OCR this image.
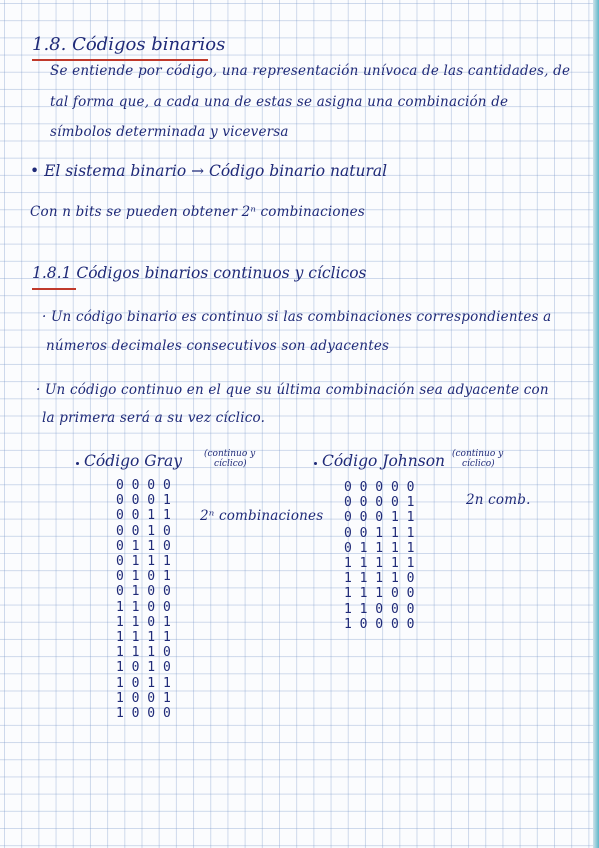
1.8. Códigos binarios
Se entiende por código, una representación unívoca de las cantidades, de
tal forma que, a cada una de estas se asigna una combinación de
símbolos determinada y viceversa
• El sistema binario → Código binario natural
Con n bits se pueden obtener 2ⁿ combinaciones
1.8.1 Códigos binarios continuos y cíclicos
· Un código binario es continuo si las combinaciones correspondientes a
números decimales consecutivos son adyacentes
· Un código continuo en el que su última combinación sea adyacente con
la primera será a su vez cíclico.
Código Gray (continuo y
cíclico)	Código Johnson (continuo y
cíclico)
0 0 0 0
0 0 0 1
0 0 1 1
0 0 1 0
0 1 1 0
0 1 1 1
0 1 0 1
0 1 0 0
1 1 0 0
1 1 0 1
1 1 1 1
1 1 1 0
1 0 1 0
1 0 1 1
1 0 0 1
1 0 0 0
2ⁿ combinaciones
0 0 0 0 0
0 0 0 0 1
0 0 0 1 1
0 0 1 1 1
0 1 1 1 1
1 1 1 1 1
1 1 1 1 0
1 1 1 0 0
1 1 0 0 0
1 0 0 0 0
2n comb.
